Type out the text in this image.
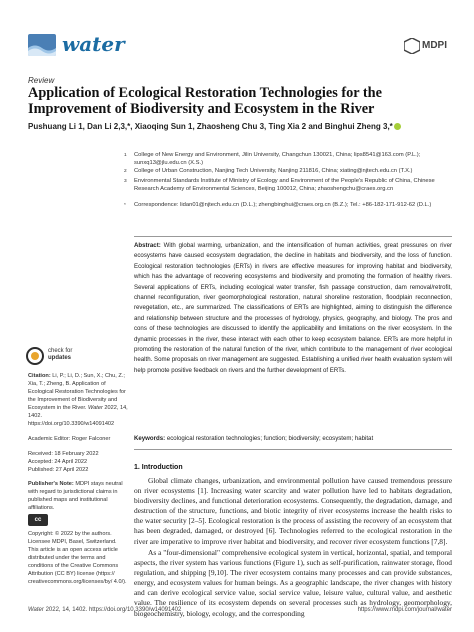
water	MDPI
Review
Application of Ecological Restoration Technologies for the Improvement of Biodiversity and Ecosystem in the River
Pushuang Li 1, Dan Li 2,3,*, Xiaoqing Sun 1, Zhaosheng Chu 3, Ting Xia 2 and Binghui Zheng 3,*
1 College of New Energy and Environment, Jilin University, Changchun 130021, China; lips8541@163.com (P.L.); sunxq13@jlu.edu.cn (X.S.)
2 College of Urban Construction, Nanjing Tech University, Nanjing 211816, China; xiating@njtech.edu.cn (T.X.)
3 Environmental Standards Institute of Ministry of Ecology and Environment of the People's Republic of China, Chinese Research Academy of Environmental Sciences, Beijing 100012, China; zhaoshengchu@craes.org.cn
* Correspondence: lidan01@njtech.edu.cn (D.L.); zhengbinghui@craes.org.cn (B.Z.); Tel.: +86-182-171-912-62 (D.L.)
Abstract: With global warming, urbanization, and the intensification of human activities, great pressures on river ecosystems have caused ecosystem degradation, the decline in habitats and biodiversity, and the loss of function. Ecological restoration technologies (ERTs) in rivers are effective measures for improving habitat and biodiversity, which has the advantage of recovering ecosystems and biodiversity and promoting the formation of healthy rivers. Several applications of ERTs, including ecological water transfer, fish passage construction, dam removal/retrofit, channel reconfiguration, river geomorphological restoration, natural shoreline restoration, floodplain reconnection, revegetation, etc., are summarized. The classifications of ERTs are highlighted, aiming to distinguish the difference and relationship between structure and the processes of hydrology, physics, geography, and biology. The pros and cons of these technologies are discussed to identify the applicability and limitations on the river ecosystem. In the dynamic processes in the river, these interact with each other to keep ecosystem balance. ERTs are more helpful in promoting the restoration of the natural function of the river, which contribute to the management of river ecological health. Some proposals on river management are suggested. Establishing a unified river health evaluation system will help promote positive feedback on rivers and the further development of ERTs.
Keywords: ecological restoration technologies; function; biodiversity; ecosystem; habitat
check for
updates
Citation: Li, P.; Li, D.; Sun, X.; Chu, Z.; Xia, T.; Zheng, B. Application of Ecological Restoration Technologies for the Improvement of Biodiversity and Ecosystem in the River. Water 2022, 14, 1402. https://doi.org/10.3390/w14091402
Academic Editor: Roger Falconer
Received: 18 February 2022
Accepted: 24 April 2022
Published: 27 April 2022
Publisher's Note: MDPI stays neutral with regard to jurisdictional claims in published maps and institutional affiliations.
cc
Copyright: © 2022 by the authors. Licensee MDPI, Basel, Switzerland. This article is an open access article distributed under the terms and conditions of the Creative Commons Attribution (CC BY) license (https:// creativecommons.org/licenses/by/ 4.0/).
1. Introduction
Global climate changes, urbanization, and environmental pollution have caused tremendous pressure on river ecosystems [1]. Increasing water scarcity and water pollution have led to habitats degradation, biodiversity declines, and functional deterioration ecosystems. Consequently, the degradation, damage, and destruction of the structure, functions, and biotic integrity of river ecosystems increase the health risks to the water security [2–5]. Ecological restoration is the process of assisting the recovery of an ecosystem that has been degraded, damaged, or destroyed [6]. Technologies referred to the ecological restoration in the river are imperative to improve river habitat and biodiversity, and recover river ecosystem functions [7,8].
As a "four-dimensional" comprehensive ecological system in vertical, horizontal, spatial, and temporal aspects, the river system has various functions (Figure 1), such as self-purification, rainwater storage, flood regulation, and shipping [9,10]. The river ecosystem contains many processes and can provide substances, energy, and ecosystem values for human beings. As a geographic landscape, the river changes with history and can derive ecological service value, social service value, leisure value, cultural value, and aesthetic value. The resilience of its ecosystem depends on several processes such as hydrology, geomorphology, biogeochemistry, biology, ecology, and the corresponding
Water 2022, 14, 1402. https://doi.org/10.3390/w14091402	https://www.mdpi.com/journal/water
